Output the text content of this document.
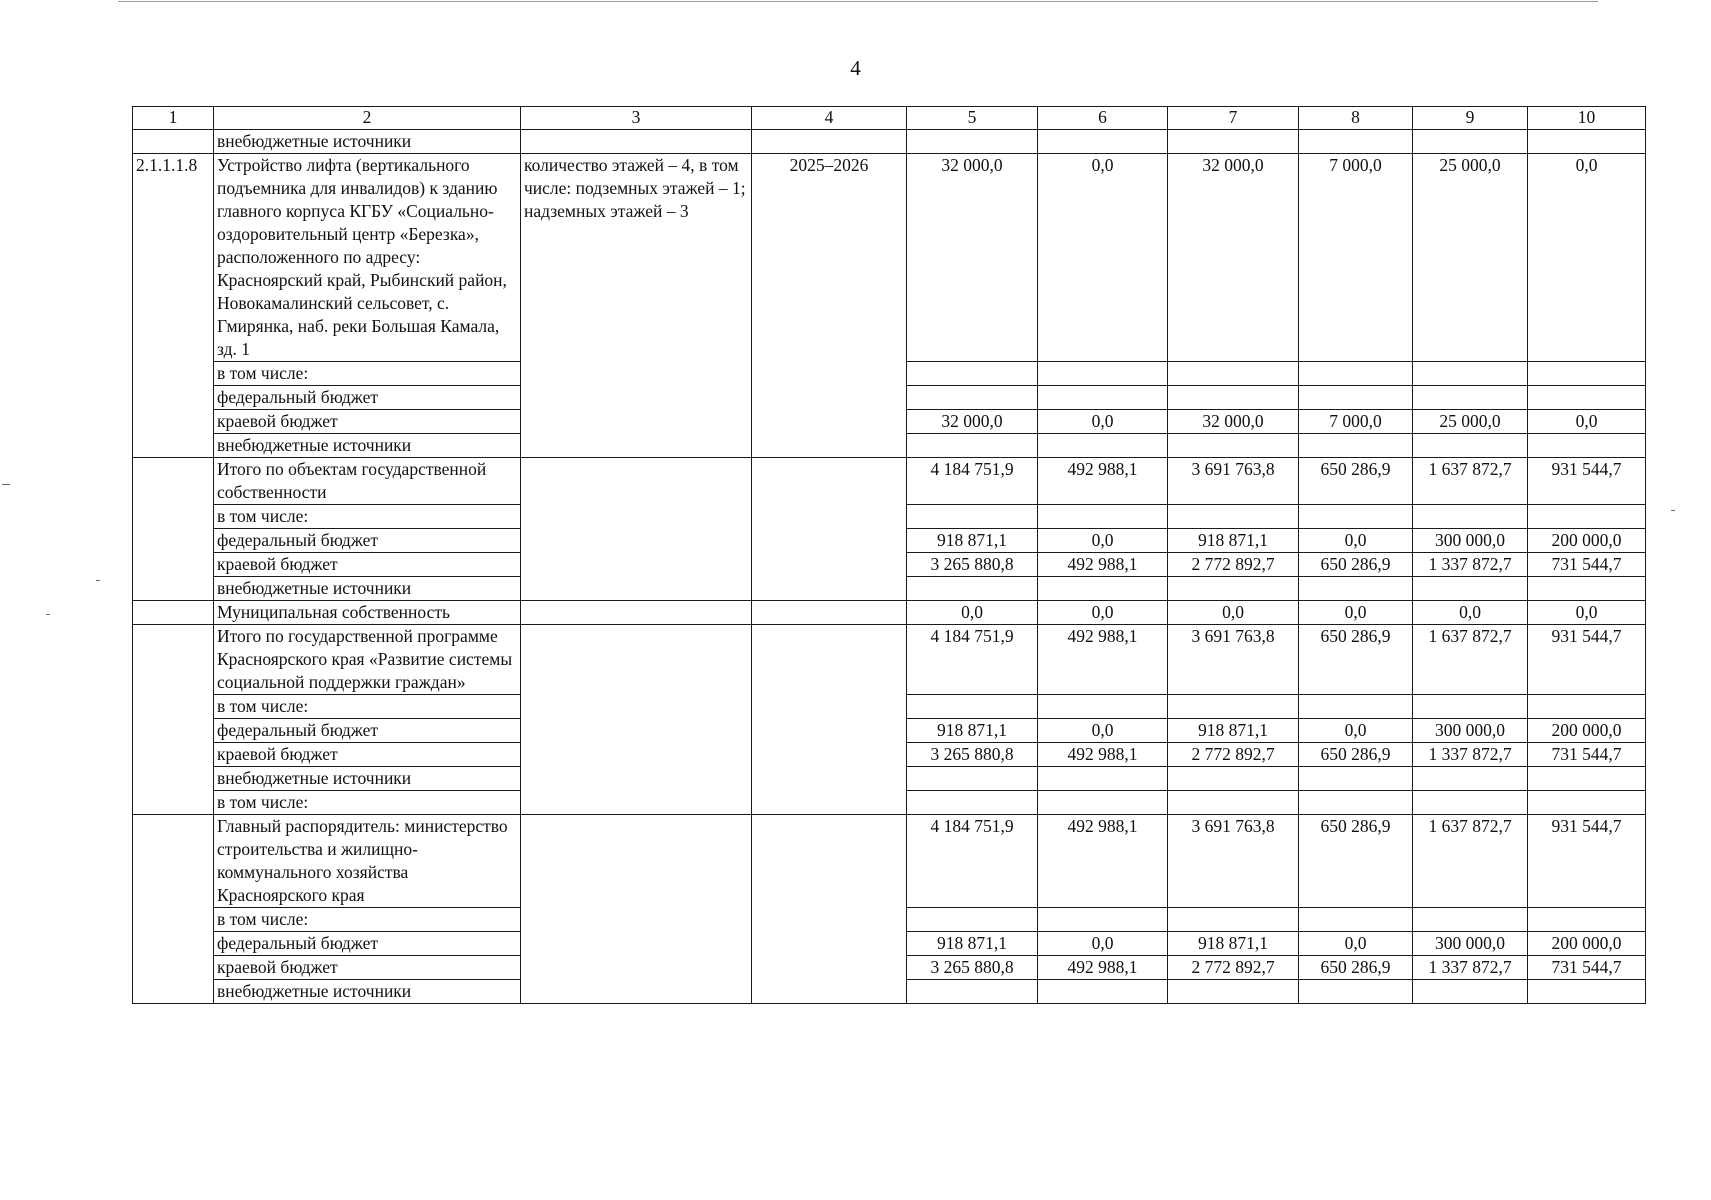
4
1	2	3	4	5	6	7	8	9	10
	внебюджетные источники								
2.1.1.1.8	Устройство лифта (вертикального подъемника для инвалидов) к зданию главного корпуса КГБУ «Социально-оздоровительный центр «Березка», расположенного по адресу: Красноярский край, Рыбинский район, Новокамалинский сельсовет, с. Гмирянка, наб. реки Большая Камала, зд. 1	количество этажей – 4, в том числе: подземных этажей – 1; надземных этажей – 3	2025–2026	32 000,0	0,0	32 000,0	7 000,0	25 000,0	0,0
	в том числе:								
	федеральный бюджет								
	краевой бюджет			32 000,0	0,0	32 000,0	7 000,0	25 000,0	0,0
	внебюджетные источники								
	Итого по объектам государственной собственности			4 184 751,9	492 988,1	3 691 763,8	650 286,9	1 637 872,7	931 544,7
	в том числе:								
	федеральный бюджет			918 871,1	0,0	918 871,1	0,0	300 000,0	200 000,0
	краевой бюджет			3 265 880,8	492 988,1	2 772 892,7	650 286,9	1 337 872,7	731 544,7
	внебюджетные источники								
	Муниципальная собственность			0,0	0,0	0,0	0,0	0,0	0,0
	Итого по государственной программе Красноярского края «Развитие системы социальной поддержки граждан»			4 184 751,9	492 988,1	3 691 763,8	650 286,9	1 637 872,7	931 544,7
	в том числе:								
	федеральный бюджет			918 871,1	0,0	918 871,1	0,0	300 000,0	200 000,0
	краевой бюджет			3 265 880,8	492 988,1	2 772 892,7	650 286,9	1 337 872,7	731 544,7
	внебюджетные источники								
	в том числе:								
	Главный распорядитель: министерство строительства и жилищно-коммунального хозяйства Красноярского края			4 184 751,9	492 988,1	3 691 763,8	650 286,9	1 637 872,7	931 544,7
	в том числе:								
	федеральный бюджет			918 871,1	0,0	918 871,1	0,0	300 000,0	200 000,0
	краевой бюджет			3 265 880,8	492 988,1	2 772 892,7	650 286,9	1 337 872,7	731 544,7
	внебюджетные источники								
